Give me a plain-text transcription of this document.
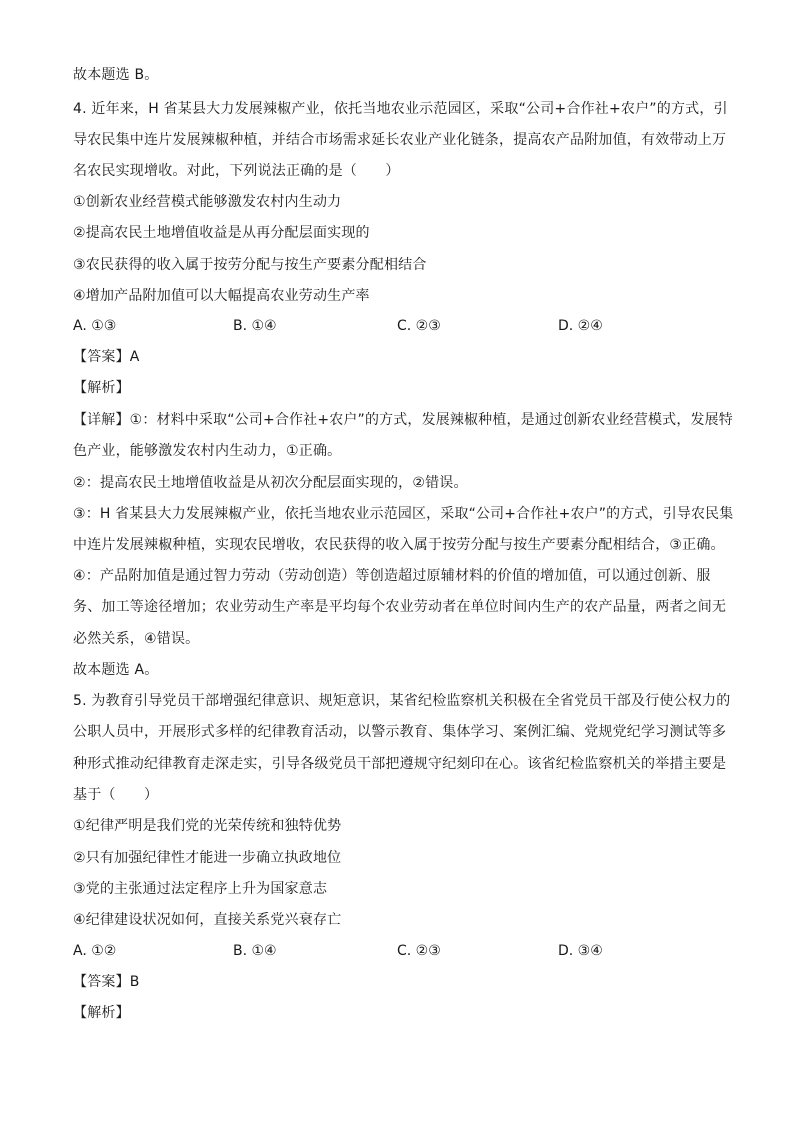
故本题选 B。
4. 近年来，H 省某县大力发展辣椒产业，依托当地农业示范园区，采取“公司+合作社+农户”的方式，引
导农民集中连片发展辣椒种植，并结合市场需求延长农业产业化链条，提高农产品附加值，有效带动上万
名农民实现增收。对此，下列说法正确的是（　　）
①创新农业经营模式能够激发农村内生动力
②提高农民土地增值收益是从再分配层面实现的
③农民获得的收入属于按劳分配与按生产要素分配相结合
④增加产品附加值可以大幅提高农业劳动生产率
A. ①③	B. ①④	C. ②③	D. ②④
【答案】A
【解析】
【详解】①：材料中采取“公司+合作社+农户”的方式，发展辣椒种植，是通过创新农业经营模式，发展特
色产业，能够激发农村内生动力，①正确。
②：提高农民土地增值收益是从初次分配层面实现的，②错误。
③：H 省某县大力发展辣椒产业，依托当地农业示范园区，采取“公司+合作社+农户”的方式，引导农民集
中连片发展辣椒种植，实现农民增收，农民获得的收入属于按劳分配与按生产要素分配相结合，③正确。
④：产品附加值是通过智力劳动（劳动创造）等创造超过原辅材料的价值的增加值，可以通过创新、服
务、加工等途径增加；农业劳动生产率是平均每个农业劳动者在单位时间内生产的农产品量，两者之间无
必然关系，④错误。
故本题选 A。
5. 为教育引导党员干部增强纪律意识、规矩意识，某省纪检监察机关积极在全省党员干部及行使公权力的
公职人员中，开展形式多样的纪律教育活动，以警示教育、集体学习、案例汇编、党规党纪学习测试等多
种形式推动纪律教育走深走实，引导各级党员干部把遵规守纪刻印在心。该省纪检监察机关的举措主要是
基于（　　）
①纪律严明是我们党的光荣传统和独特优势
②只有加强纪律性才能进一步确立执政地位
③党的主张通过法定程序上升为国家意志
④纪律建设状况如何，直接关系党兴衰存亡
A. ①②	B. ①④	C. ②③	D. ③④
【答案】B
【解析】
